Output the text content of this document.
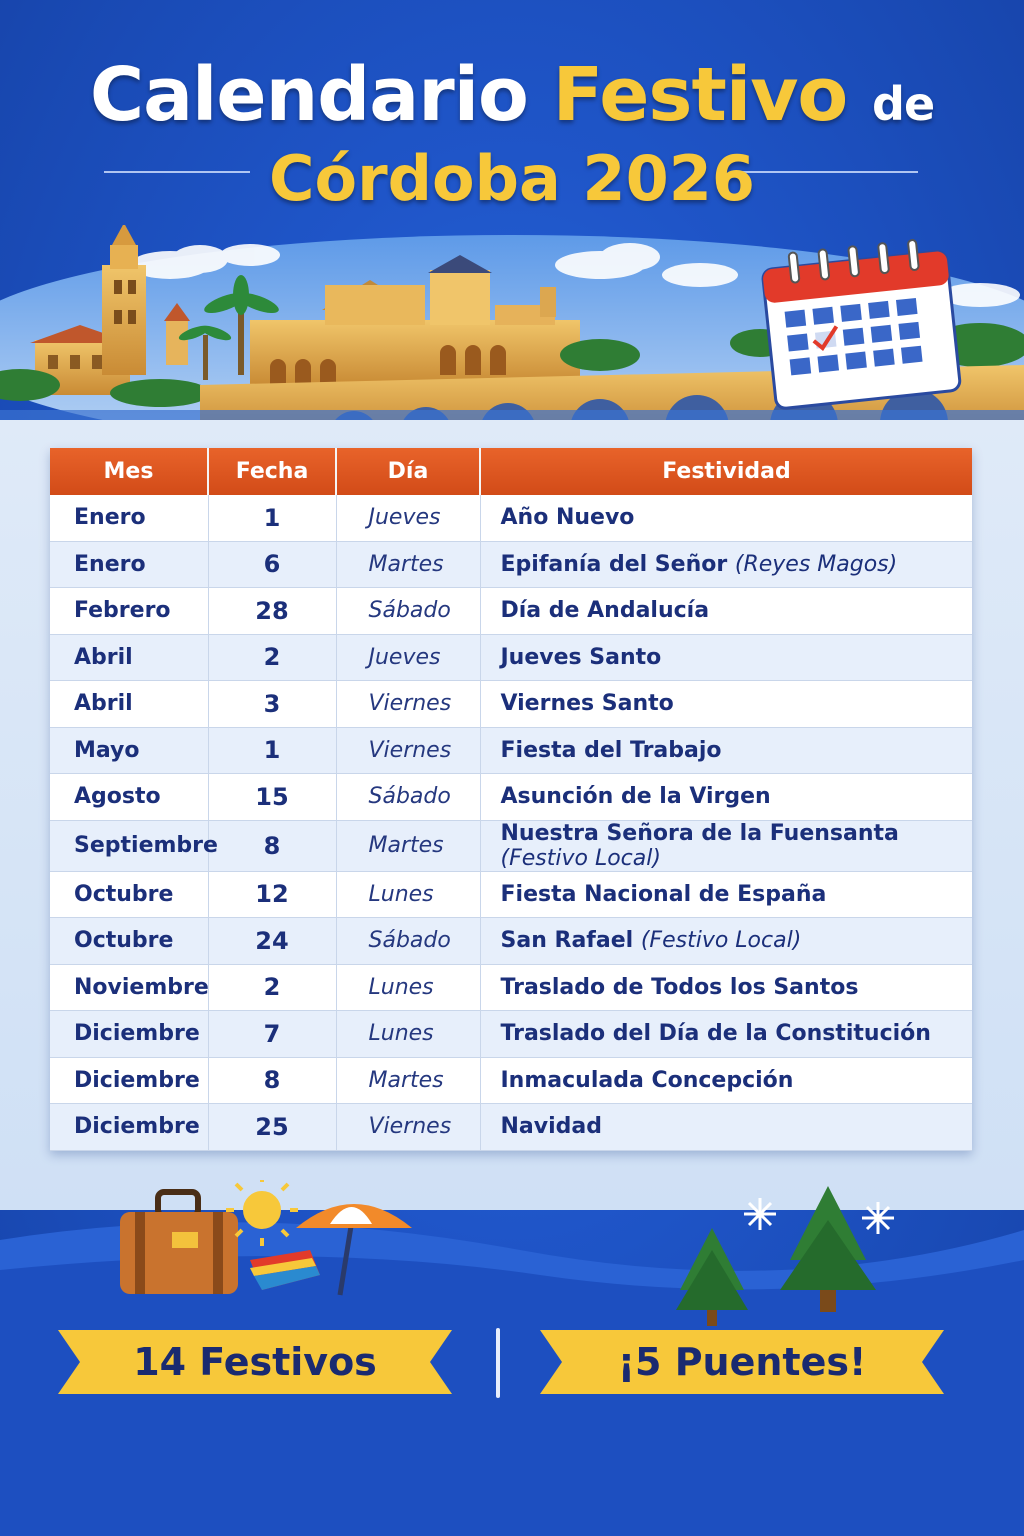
Calendario Festivo de
Córdoba 2026
Mes	Fecha	Día	Festividad
Enero	1	Jueves	Año Nuevo
Enero	6	Martes	Epifanía del Señor (Reyes Magos)
Febrero	28	Sábado	Día de Andalucía
Abril	2	Jueves	Jueves Santo
Abril	3	Viernes	Viernes Santo
Mayo	1	Viernes	Fiesta del Trabajo
Agosto	15	Sábado	Asunción de la Virgen
Septiembre	8	Martes	Nuestra Señora de la Fuensanta (Festivo Local)
Octubre	12	Lunes	Fiesta Nacional de España
Octubre	24	Sábado	San Rafael (Festivo Local)
Noviembre	2	Lunes	Traslado de Todos los Santos
Diciembre	7	Lunes	Traslado del Día de la Constitución
Diciembre	8	Martes	Inmaculada Concepción
Diciembre	25	Viernes	Navidad
14 Festivos	¡5 Puentes!
